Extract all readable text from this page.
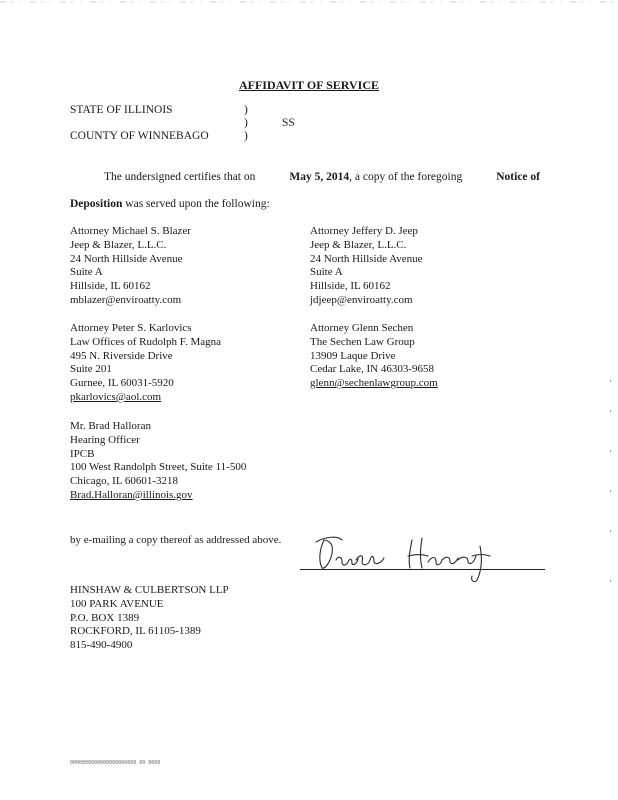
AFFIDAVIT OF SERVICE
STATE OF ILLINOIS	)
)	SS
COUNTY OF WINNEBAGO	)
The undersigned certifies that on	May 5, 2014, a copy of the foregoing	Notice of
Deposition was served upon the following:
Attorney Michael S. Blazer
Jeep & Blazer, L.L.C.
24 North Hillside Avenue
Suite A
Hillside, IL 60162
mblazer@enviroatty.com
Attorney Jeffery D. Jeep
Jeep & Blazer, L.L.C.
24 North Hillside Avenue
Suite A
Hillside, IL 60162
jdjeep@enviroatty.com
Attorney Peter S. Karlovics
Law Offices of Rudolph F. Magna
495 N. Riverside Drive
Suite 201
Gurnee, IL 60031-5920
pkarlovics@aol.com
Attorney Glenn Sechen
The Sechen Law Group
13909 Laque Drive
Cedar Lake, IN 46303-9658
glenn@sechenlawgroup.com
Mr. Brad Halloran
Hearing Officer
IPCB
100 West Randolph Street, Suite 11-500
Chicago, IL 60601-3218
Brad.Halloran@illinois.gov
by e-mailing a copy thereof as addressed above.
HINSHAW & CULBERTSON LLP
100 PARK AVENUE
P.O. BOX 1389
ROCKFORD, IL 61105-1389
815-490-4900
0000000000000000000000 00 0000
